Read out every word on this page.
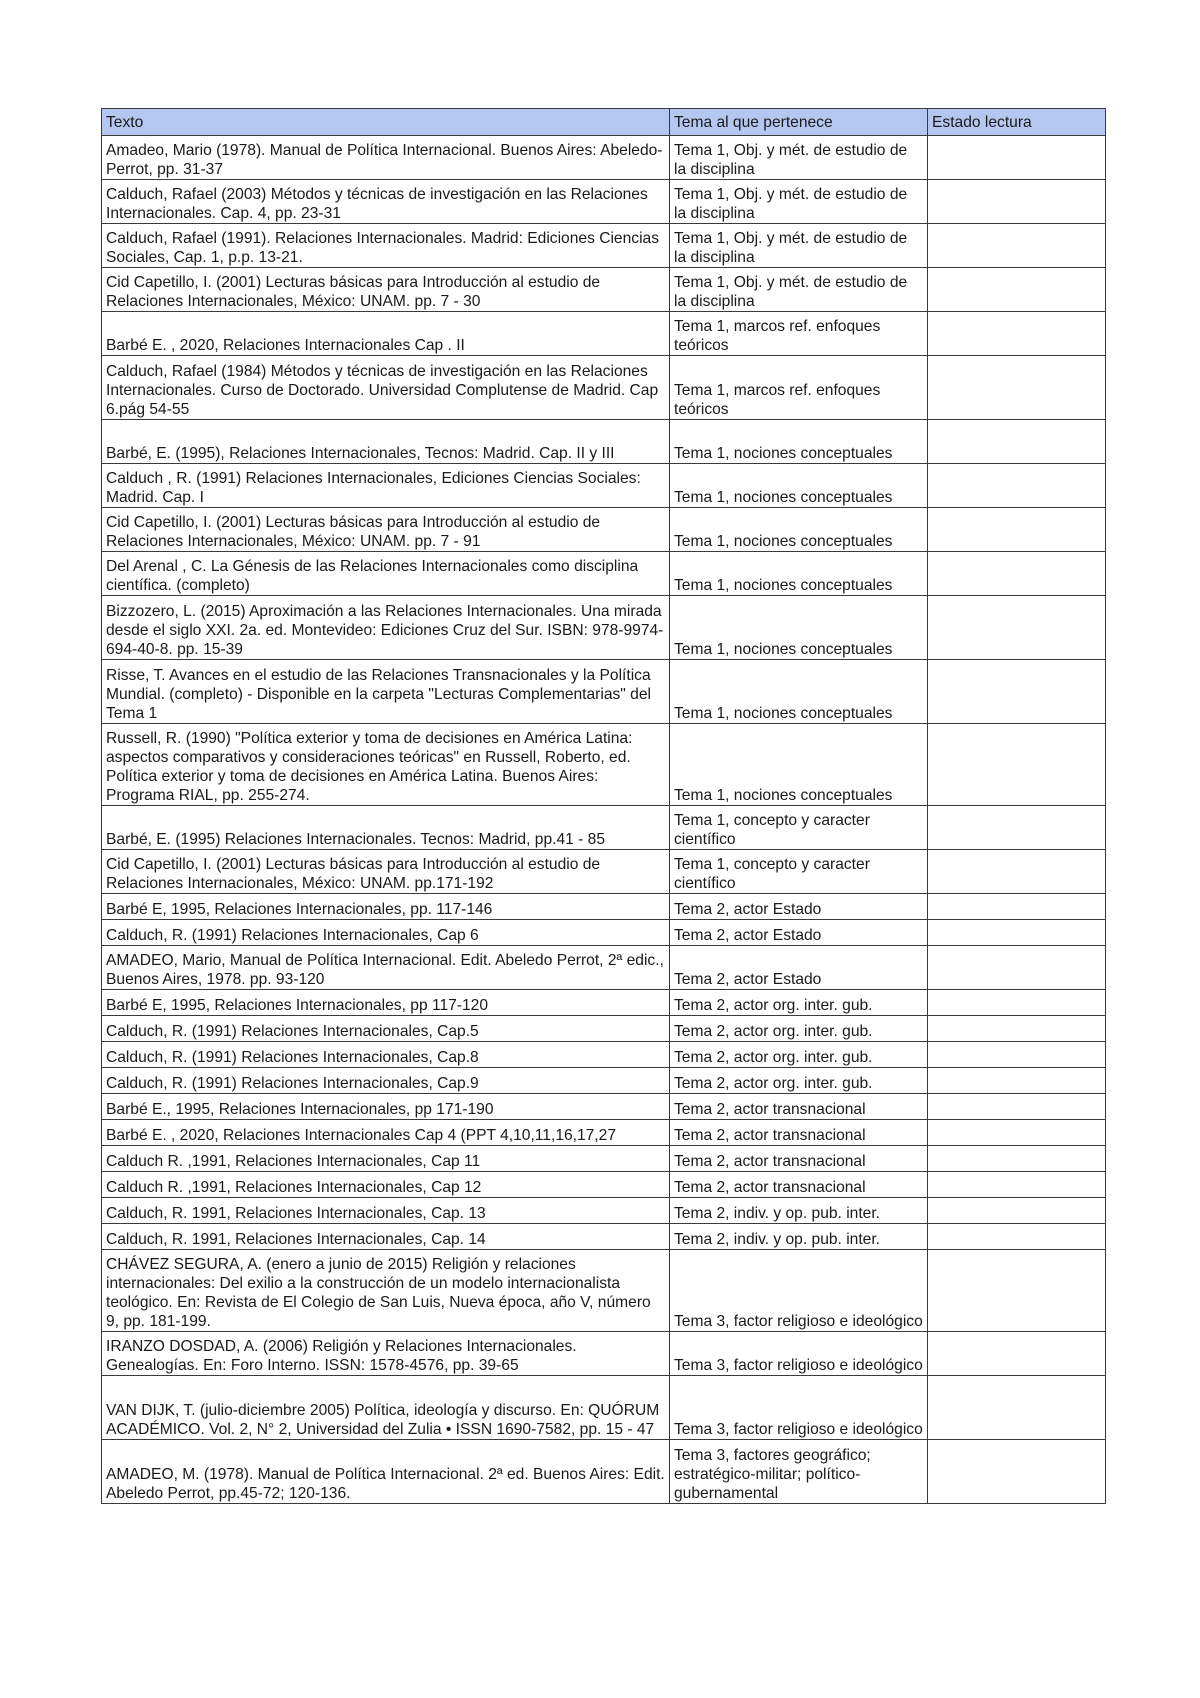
Texto	Tema al que pertenece	Estado lectura
Amadeo, Mario (1978). Manual de Política Internacional. Buenos Aires: Abeledo-Perrot, pp. 31-37	Tema 1, Obj. y mét. de estudio de la disciplina	
Calduch, Rafael (2003) Métodos y técnicas de investigación en las Relaciones Internacionales. Cap. 4, pp. 23-31	Tema 1, Obj. y mét. de estudio de la disciplina	
Calduch, Rafael (1991). Relaciones Internacionales. Madrid: Ediciones Ciencias Sociales, Cap. 1, p.p. 13-21.	Tema 1, Obj. y mét. de estudio de la disciplina	
Cid Capetillo, I. (2001) Lecturas básicas para Introducción al estudio de Relaciones Internacionales, México: UNAM. pp. 7 - 30	Tema 1, Obj. y mét. de estudio de la disciplina	
Barbé E. , 2020, Relaciones Internacionales Cap . II	Tema 1, marcos ref. enfoques teóricos	
Calduch, Rafael (1984) Métodos y técnicas de investigación en las Relaciones Internacionales. Curso de Doctorado. Universidad Complutense de Madrid. Cap 6.pág 54-55	Tema 1, marcos ref. enfoques teóricos	
Barbé, E. (1995), Relaciones Internacionales, Tecnos: Madrid. Cap. II y III	Tema 1, nociones conceptuales	
Calduch , R. (1991) Relaciones Internacionales, Ediciones Ciencias Sociales: Madrid. Cap. I	Tema 1, nociones conceptuales	
Cid Capetillo, I. (2001) Lecturas básicas para Introducción al estudio de Relaciones Internacionales, México: UNAM. pp. 7 - 91	Tema 1, nociones conceptuales	
Del Arenal , C. La Génesis de las Relaciones Internacionales como disciplina científica. (completo)	Tema 1, nociones conceptuales	
Bizzozero, L. (2015) Aproximación a las Relaciones Internacionales. Una mirada desde el siglo XXI. 2a. ed. Montevideo: Ediciones Cruz del Sur. ISBN: 978-9974-694-40-8. pp. 15-39	Tema 1, nociones conceptuales	
Risse, T. Avances en el estudio de las Relaciones Transnacionales y la Política Mundial. (completo) - Disponible en la carpeta "Lecturas Complementarias" del Tema 1	Tema 1, nociones conceptuales	
Russell, R. (1990) "Política exterior y toma de decisiones en América Latina: aspectos comparativos y consideraciones teóricas" en Russell, Roberto, ed. Política exterior y toma de decisiones en América Latina. Buenos Aires: Programa RIAL, pp. 255-274.	Tema 1, nociones conceptuales	
Barbé, E. (1995) Relaciones Internacionales. Tecnos: Madrid, pp.41 - 85	Tema 1, concepto y caracter científico	
Cid Capetillo, I. (2001) Lecturas básicas para Introducción al estudio de Relaciones Internacionales, México: UNAM. pp.171-192	Tema 1, concepto y caracter científico	
Barbé E, 1995, Relaciones Internacionales, pp. 117-146	Tema 2, actor Estado	
Calduch, R. (1991) Relaciones Internacionales, Cap 6	Tema 2, actor Estado	
AMADEO, Mario, Manual de Política Internacional. Edit. Abeledo Perrot, 2ª edic., Buenos Aires, 1978. pp. 93-120	Tema 2, actor Estado	
Barbé E, 1995, Relaciones Internacionales, pp 117-120	Tema 2, actor org. inter. gub.	
Calduch, R. (1991) Relaciones Internacionales, Cap.5	Tema 2, actor org. inter. gub.	
Calduch, R. (1991) Relaciones Internacionales, Cap.8	Tema 2, actor org. inter. gub.	
Calduch, R. (1991) Relaciones Internacionales, Cap.9	Tema 2, actor org. inter. gub.	
Barbé E., 1995, Relaciones Internacionales, pp 171-190	Tema 2, actor transnacional	
Barbé E. , 2020, Relaciones Internacionales Cap 4 (PPT 4,10,11,16,17,27	Tema 2, actor transnacional	
Calduch R. ,1991, Relaciones Internacionales, Cap 11	Tema 2, actor transnacional	
Calduch R. ,1991, Relaciones Internacionales, Cap 12	Tema 2, actor transnacional	
Calduch, R. 1991, Relaciones Internacionales, Cap. 13	Tema 2, indiv. y op. pub. inter.	
Calduch, R. 1991, Relaciones Internacionales, Cap. 14	Tema 2, indiv. y op. pub. inter.	
CHÁVEZ SEGURA, A. (enero a junio de 2015) Religión y relaciones internacionales: Del exilio a la construcción de un modelo internacionalista teológico. En: Revista de El Colegio de San Luis, Nueva época, año V, número 9, pp. 181-199.	Tema 3, factor religioso e ideológico	
IRANZO DOSDAD, A. (2006) Religión y Relaciones Internacionales. Genealogías. En: Foro Interno. ISSN: 1578-4576, pp. 39-65	Tema 3, factor religioso e ideológico	
VAN DIJK, T. (julio-diciembre 2005) Política, ideología y discurso. En: QUÓRUM ACADÉMICO. Vol. 2, N° 2, Universidad del Zulia • ISSN 1690-7582, pp. 15 - 47	Tema 3, factor religioso e ideológico	
AMADEO, M. (1978). Manual de Política Internacional. 2ª ed. Buenos Aires: Edit. Abeledo Perrot, pp.45-72; 120-136.	Tema 3, factores geográfico; estratégico-militar; político-gubernamental	
